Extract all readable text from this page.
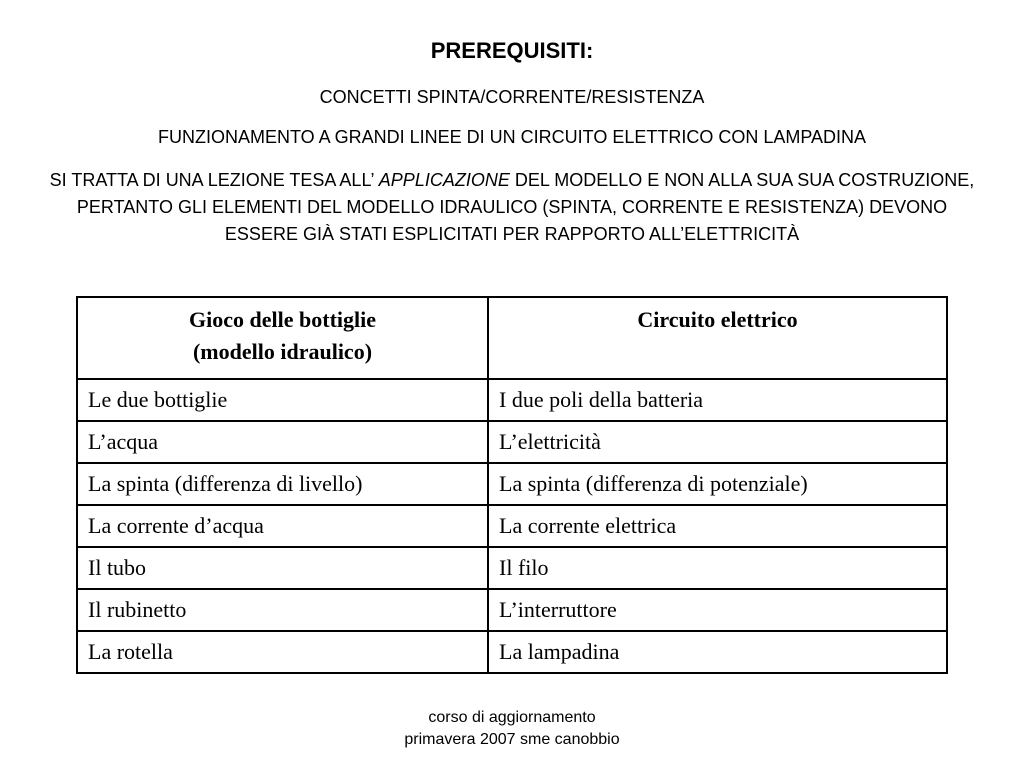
PREREQUISITI:
CONCETTI SPINTA/CORRENTE/RESISTENZA
FUNZIONAMENTO A GRANDI LINEE DI UN CIRCUITO ELETTRICO CON LAMPADINA
SI TRATTA DI UNA LEZIONE TESA ALL’ APPLICAZIONE DEL MODELLO E NON ALLA SUA SUA COSTRUZIONE, PERTANTO GLI ELEMENTI DEL MODELLO IDRAULICO (SPINTA, CORRENTE E RESISTENZA) DEVONO ESSERE GIÀ STATI ESPLICITATI PER RAPPORTO ALL’ELETTRICITÀ
Gioco delle bottiglie
(modello idraulico)	Circuito elettrico
Le due bottiglie	I due poli della batteria
L’acqua	L’elettricità
La spinta (differenza di livello)	La spinta (differenza di potenziale)
La corrente d’acqua	La corrente elettrica
Il tubo	Il filo
Il rubinetto	L’interruttore
La rotella	La lampadina
corso di aggiornamento
primavera 2007 sme canobbio
